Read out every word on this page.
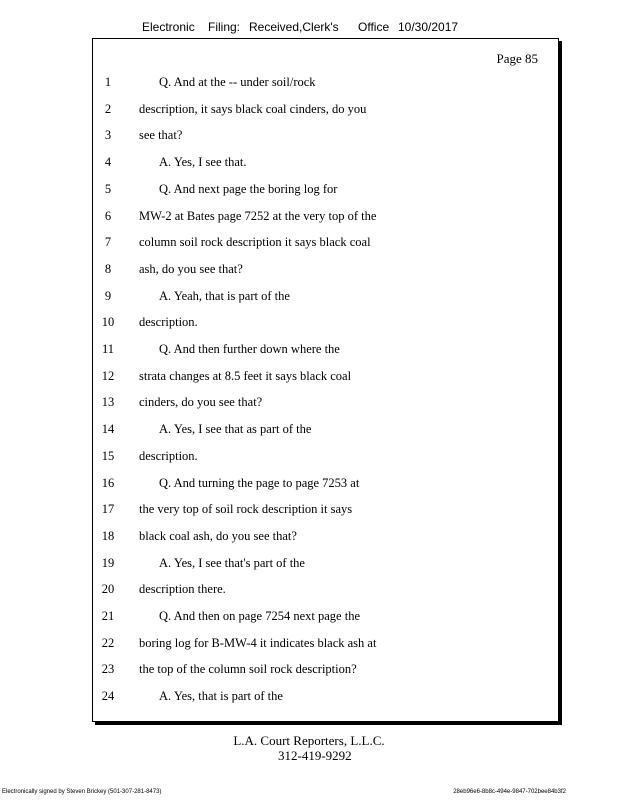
Electronic Filing: Received,Clerk's Office 10/30/2017
Page 85
1	Q. And at the -- under soil/rock
2	description, it says black coal cinders, do you
3	see that?
4	A. Yes, I see that.
5	Q. And next page the boring log for
6	MW-2 at Bates page 7252 at the very top of the
7	column soil rock description it says black coal
8	ash, do you see that?
9	A. Yeah, that is part of the
10	description.
11	Q. And then further down where the
12	strata changes at 8.5 feet it says black coal
13	cinders, do you see that?
14	A. Yes, I see that as part of the
15	description.
16	Q. And turning the page to page 7253 at
17	the very top of soil rock description it says
18	black coal ash, do you see that?
19	A. Yes, I see that's part of the
20	description there.
21	Q. And then on page 7254 next page the
22	boring log for B-MW-4 it indicates black ash at
23	the top of the column soil rock description?
24	A. Yes, that is part of the
L.A. Court Reporters, L.L.C.
312-419-9292
Electronically signed by Steven Brickey (501-307-281-8473)	28eb96e6-8b8c-494e-9847-702bee84b3f2
